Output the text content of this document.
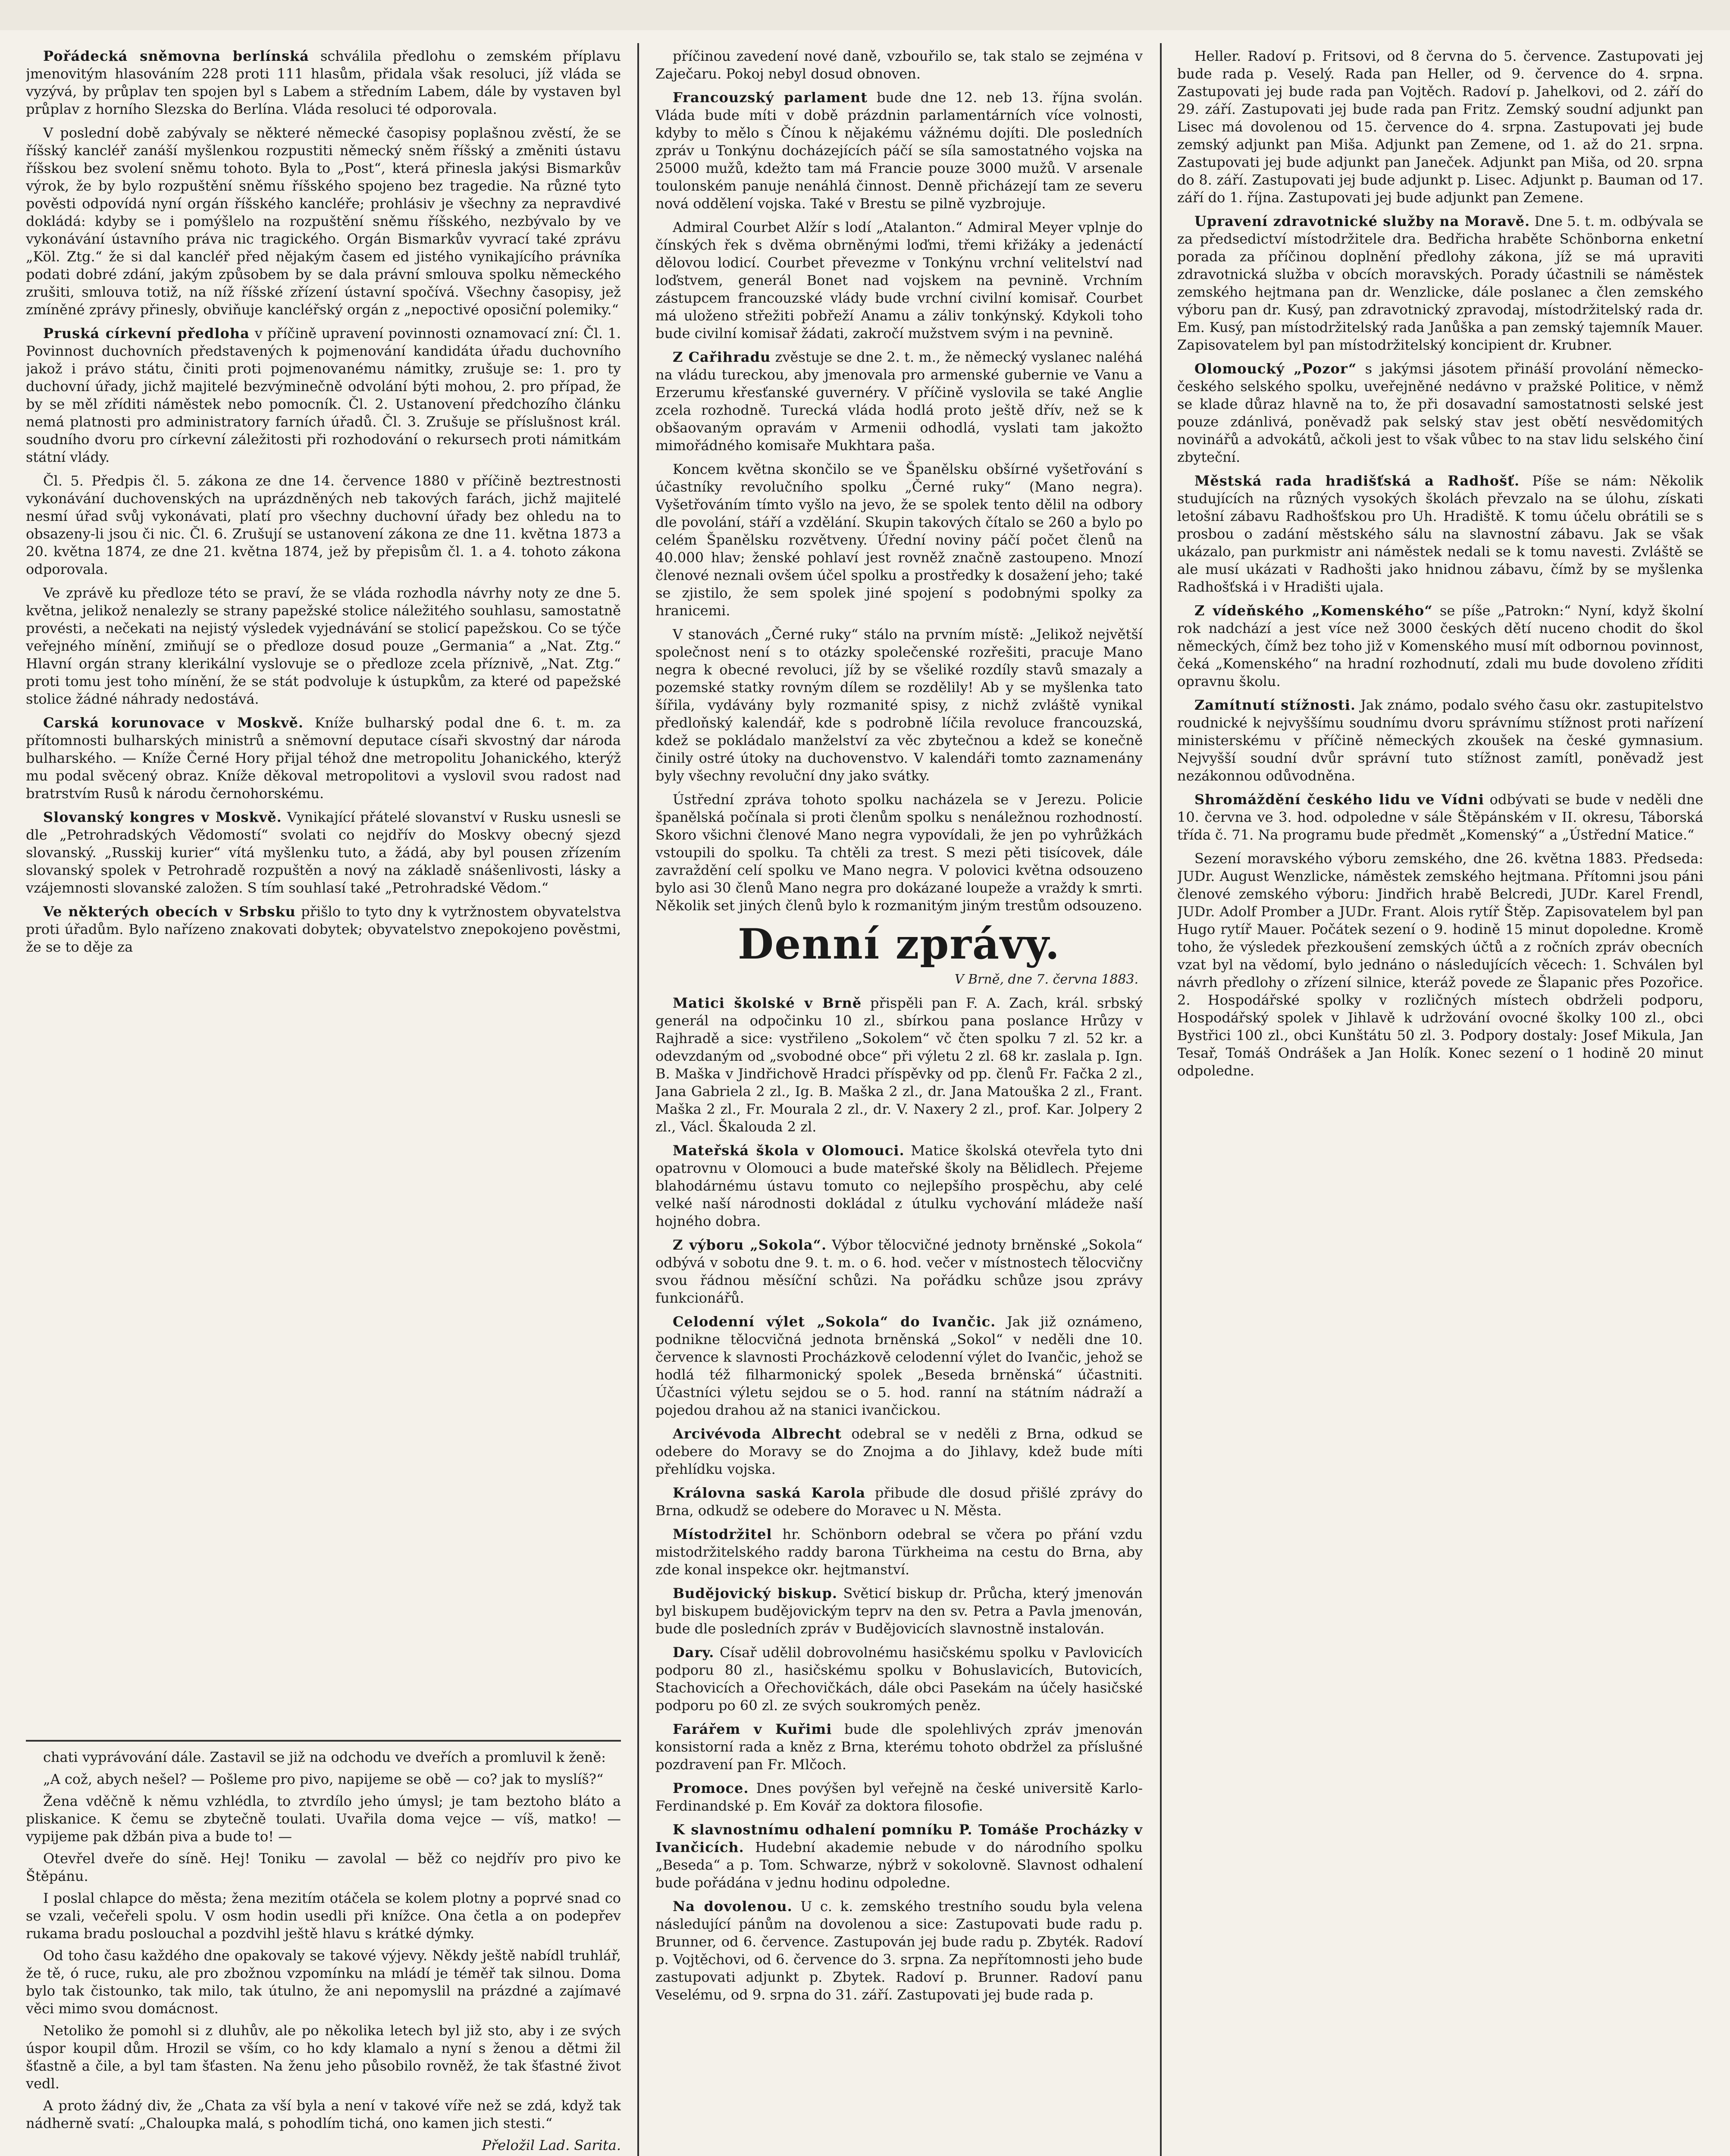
Pořádecká sněmovna berlínská schválila předlohu o zemském příplavu jmenovitým hlasováním 228 proti 111 hlasům, přidala však resoluci, jíž vláda se vyzývá, by průplav ten spojen byl s Labem a středním Labem, dále by vystaven byl průplav z horního Slezska do Berlína. Vláda resoluci té odporovala.

V poslední době zabývaly se některé německé časopisy poplašnou zvěstí, že se říšský kancléř zanáší myšlenkou rozpustiti německý sněm říšský a změniti ústavu říšskou bez svolení sněmu tohoto. Byla to „Post“, která přinesla jakýsi Bismarkův výrok, že by bylo rozpuštění sněmu říšského spojeno bez tragedie. Na různé tyto pověsti odpovídá nyní orgán říšského kancléře; prohlásiv je všechny za nepravdivé dokládá: kdyby se i pomýšlelo na rozpuštění sněmu říšského, nezbývalo by ve vykonávání ústavního práva nic tragického. Orgán Bismarkův vyvrací také zprávu „Köl. Ztg.“ že si dal kancléř před nějakým časem ed jistého vynikajícího právníka podati dobré zdání, jakým způsobem by se dala právní smlouva spolku německého zrušiti, smlouva totiž, na níž říšské zřízení ústavní spočívá. Všechny časopisy, jež zmíněné zprávy přinesly, obviňuje kancléřský orgán z „nepoctivé oposiční polemiky.“

Pruská církevní předloha v příčině upravení povinnosti oznamovací zní: Čl. 1. Povinnost duchovních představených k pojmenování kandidáta úřadu duchovního jakož i právo státu, činiti proti pojmenovanému námitky, zrušuje se: 1. pro ty duchovní úřady, jichž majitelé bezvýminečně odvolání býti mohou, 2. pro případ, že by se měl zříditi náměstek nebo pomocník. Čl. 2. Ustanovení předchozího článku nemá platnosti pro administratory farních úřadů. Čl. 3. Zrušuje se příslušnost král. soudního dvoru pro církevní záležitosti při rozhodování o rekursech proti námitkám státní vlády.

Čl. 5. Předpis čl. 5. zákona ze dne 14. července 1880 v příčině beztrestnosti vykonávání duchovenských na uprázdněných neb takových farách, jichž majitelé nesmí úřad svůj vykonávati, platí pro všechny duchovní úřady bez ohledu na to obsazeny-li jsou či nic. Čl. 6. Zrušují se ustanovení zákona ze dne 11. května 1873 a 20. května 1874, ze dne 21. května 1874, jež by přepisům čl. 1. a 4. tohoto zákona odporovala.

Ve zprávě ku předloze této se praví, že se vláda rozhodla návrhy noty ze dne 5. května, jelikož nenalezly se strany papežské stolice náležitého souhlasu, samostatně provésti, a nečekati na nejistý výsledek vyjednávání se stolicí papežskou. Co se týče veřejného mínění, zmiňují se o předloze dosud pouze „Germania“ a „Nat. Ztg.“ Hlavní orgán strany klerikální vyslovuje se o předloze zcela příznivě, „Nat. Ztg.“ proti tomu jest toho mínění, že se stát podvoluje k ústupkům, za které od papežské stolice žádné náhrady nedostává.

Carská korunovace v Moskvě. Kníže bulharský podal dne 6. t. m. za přítomnosti bulharských ministrů a sněmovní deputace císaři skvostný dar národa bulharského. — Kníže Černé Hory přijal téhož dne metropolitu Johanického, kterýž mu podal svěcený obraz. Kníže děkoval metropolitovi a vyslovil svou radost nad bratrstvím Rusů k národu černohorskému.

Slovanský kongres v Moskvě. Vynikající přátelé slovanství v Rusku usnesli se dle „Petrohradských Vědomostí“ svolati co nejdřív do Moskvy obecný sjezd slovanský. „Russkij kurier“ vítá myšlenku tuto, a žádá, aby byl pousen zřízením slovanský spolek v Petrohradě rozpuštěn a nový na základě snášenlivosti, lásky a vzájemnosti slovanské založen. S tím souhlasí také „Petrohradské Vědom.“

Ve některých obecích v Srbsku přišlo to tyto dny k vytržnostem obyvatelstva proti úřadům. Bylo nařízeno znakovati dobytek; obyvatelstvo znepokojeno pověstmi, že se to děje za

chati vyprávování dále. Zastavil se již na odchodu ve dveřích a promluvil k ženě:

„A což, abych nešel? — Pošleme pro pivo, napijeme se obě — co? jak to myslíš?“

Žena vděčně k němu vzhlédla, to ztvrdílo jeho úmysl; je tam beztoho bláto a pliskanice. K čemu se zbytečně toulati. Uvařila doma vejce — víš, matko! — vypijeme pak džbán piva a bude to! —

Otevřel dveře do síně. Hej! Toniku — zavolal — běž co nejdřív pro pivo ke Štěpánu.

I poslal chlapce do města; žena mezitím otáčela se kolem plotny a poprvé snad co se vzali, večeřeli spolu. V osm hodin usedli při knížce. Ona četla a on podepřev rukama bradu poslouchal a pozdvihl ještě hlavu s krátké dýmky.

Od toho času každého dne opakovaly se takové výjevy. Někdy ještě nabídl truhlář, že tě, ó ruce, ruku, ale pro zbožnou vzpomínku na mládí je téměř tak silnou. Doma bylo tak čistounko, tak milo, tak útulno, že ani nepomyslil na prázdné a zajímavé věci mimo svou domácnost.

Netoliko že pomohl si z dluhův, ale po několika letech byl již sto, aby i ze svých úspor koupil dům. Hrozil se vším, co ho kdy klamalo a nyní s ženou a dětmi žil šťastně a čile, a byl tam šťasten. Na ženu jeho působilo rovněž, že tak šťastné život vedl.

A proto žádný div, že „Chata za vší byla a není v takové víře než se zdá, když tak nádherně svatí: „Chaloupka malá, s pohodlím tichá, ono kamen jich stesti.“

Přeložil Lad. Sarita.

příčinou zavedení nové daně, vzbouřilo se, tak stalo se zejména v Zaječaru. Pokoj nebyl dosud obnoven.

Francouzský parlament bude dne 12. neb 13. října svolán. Vláda bude míti v době prázdnin parlamentárních více volnosti, kdyby to mělo s Čínou k nějakému vážnému dojíti. Dle posledních zpráv u Tonkýnu docházejících páčí se síla samostatného vojska na 25000 mužů, kdežto tam má Francie pouze 3000 mužů. V arsenale toulonském panuje nenáhlá činnost. Denně přicházejí tam ze severu nová oddělení vojska. Také v Brestu se pilně vyzbrojuje.

Admiral Courbet Alžír s lodí „Atalanton.“ Admiral Meyer vplnje do čínských řek s dvěma obrněnými loďmi, třemi křižáky a jedenáctí dělovou lodicí. Courbet převezme v Tonkýnu vrchní velitelství nad loďstvem, generál Bonet nad vojskem na pevnině. Vrchním zástupcem francouzské vlády bude vrchní civilní komisař. Courbet má uloženo střežiti pobřeží Anamu a záliv tonkýnský. Kdykoli toho bude civilní komisař žádati, zakročí mužstvem svým i na pevnině.

Z Cařihradu zvěstuje se dne 2. t. m., že německý vyslanec naléhá na vládu tureckou, aby jmenovala pro armenské gubernie ve Vanu a Erzerumu křesťanské guvernéry. V příčině vyslovila se také Anglie zcela rozhodně. Turecká vláda hodlá proto ještě dřív, než se k obšaovaným opravám v Armenii odhodlá, vyslati tam jakožto mimořádného komisaře Mukhtara paša.

Koncem května skončilo se ve Španělsku obšírné vyšetřování s účastníky revolučního spolku „Černé ruky“ (Mano negra). Vyšetřováním tímto vyšlo na jevo, že se spolek tento dělil na odbory dle povolání, stáří a vzdělání. Skupin takových čítalo se 260 a bylo po celém Španělsku rozvětveny. Úřední noviny páčí počet členů na 40.000 hlav; ženské pohlaví jest rovněž značně zastoupeno. Mnozí členové neznali ovšem účel spolku a prostředky k dosažení jeho; také se zjistilo, že sem spolek jiné spojení s podobnými spolky za hranicemi.

V stanovách „Černé ruky“ stálo na prvním místě: „Jelikož největší společnost není s to otázky společenské rozřešiti, pracuje Mano negra k obecné revoluci, jíž by se všeliké rozdíly stavů smazaly a pozemské statky rovným dílem se rozdělily! Ab y se myšlenka tato šířila, vydávány byly rozmanité spisy, z nichž zvláště vynikal předloňský kalendář, kde s podrobně líčila revoluce francouzská, kdež se pokládalo manželství za věc zbytečnou a kdež se konečně činily ostré útoky na duchovenstvo. V kalendáři tomto zaznamenány byly všechny revoluční dny jako svátky.

Ústřední zpráva tohoto spolku nacházela se v Jerezu. Policie španělská počínala si proti členům spolku s nenáležnou rozhodností. Skoro všichni členové Mano negra vypovídali, že jen po vyhrůžkách vstoupili do spolku. Ta chtěli za trest. S mezi pěti tisícovek, dále zavraždění celí spolku ve Mano negra. V polovici května odsouzeno bylo asi 30 členů Mano negra pro dokázané loupeže a vraždy k smrti. Několik set jiných členů bylo k rozmanitým jiným trestům odsouzeno.

Denní zprávy.
V Brně, dne 7. června 1883.

Matici školské v Brně přispěli pan F. A. Zach, král. srbský generál na odpočinku 10 zl., sbírkou pana poslance Hrůzy v Rajhradě a sice: vystřileno „Sokolem“ vč čten spolku 7 zl. 52 kr. a odevzdaným od „svobodné obce“ při výletu 2 zl. 68 kr. zaslala p. Ign. B. Maška v Jindřichově Hradci příspěvky od pp. členů Fr. Fačka 2 zl., Jana Gabriela 2 zl., Ig. B. Maška 2 zl., dr. Jana Matouška 2 zl., Frant. Maška 2 zl., Fr. Mourala 2 zl., dr. V. Naxery 2 zl., prof. Kar. Jolpery 2 zl., Václ. Škalouda 2 zl.

Mateřská škola v Olomouci. Matice školská otevřela tyto dni opatrovnu v Olomouci a bude mateřské školy na Bělidlech. Přejeme blahodárnému ústavu tomuto co nejlepšího prospěchu, aby celé velké naší národnosti dokládal z útulku vychování mládeže naší hojného dobra.

Z výboru „Sokola“. Výbor tělocvičné jednoty brněnské „Sokola“ odbývá v sobotu dne 9. t. m. o 6. hod. večer v místnostech tělocvičny svou řádnou měsíční schůzi. Na pořádku schůze jsou zprávy funkcionářů.

Celodenní výlet „Sokola“ do Ivančic. Jak již oznámeno, podnikne tělocvičná jednota brněnská „Sokol“ v neděli dne 10. července k slavnosti Procházkově celodenní výlet do Ivančic, jehož se hodlá též filharmonický spolek „Beseda brněnská“ účastniti. Účastníci výletu sejdou se o 5. hod. ranní na státním nádraží a pojedou drahou až na stanici ivančickou.

Arcivévoda Albrecht odebral se v neděli z Brna, odkud se odebere do Moravy se do Znojma a do Jihlavy, kdež bude míti přehlídku vojska.

Královna saská Karola přibude dle dosud přišlé zprávy do Brna, odkudž se odebere do Moravec u N. Města.

Místodržitel hr. Schönborn odebral se včera po přání vzdu mistodržitelského raddy barona Türkheima na cestu do Brna, aby zde konal inspekce okr. hejtmanství.

Budějovický biskup. Světicí biskup dr. Průcha, který jmenován byl biskupem budějovickým teprv na den sv. Petra a Pavla jmenován, bude dle posledních zpráv v Budějovicích slavnostně instalován.

Dary. Císař udělil dobrovolnému hasičskému spolku v Pavlovicích podporu 80 zl., hasičskému spolku v Bohuslavicích, Butovicích, Stachovicích a Ořechovičkách, dále obci Pasekám na účely hasičské podporu po 60 zl. ze svých soukromých peněz.

Farářem v Kuřimi bude dle spolehlivých zpráv jmenován konsistorní rada a kněz z Brna, kterému tohoto obdržel za příslušné pozdravení pan Fr. Mlčoch.

Promoce. Dnes povýšen byl veřejně na české universitě Karlo-Ferdinandské p. Em Kovář za doktora filosofie.

K slavnostnímu odhalení pomníku P. Tomáše Procházky v Ivančicích. Hudební akademie nebude v do národního spolku „Beseda“ a p. Tom. Schwarze, nýbrž v sokolovně. Slavnost odhalení bude pořádána v jednu hodinu odpoledne.

Na dovolenou. U c. k. zemského trestního soudu byla velena následující pánům na dovolenou a sice: Zastupovati bude radu p. Brunner, od 6. července. Zastupován jej bude radu p. Zbyték. Radoví p. Vojtěchovi, od 6. července do 3. srpna. Za nepřítomnosti jeho bude zastupovati adjunkt p. Zbytek. Radoví p. Brunner. Radoví panu Veselému, od 9. srpna do 31. září. Zastupovati jej bude rada p.

Heller. Radoví p. Fritsovi, od 8 června do 5. července. Zastupovati jej bude rada p. Veselý. Rada pan Heller, od 9. července do 4. srpna. Zastupovati jej bude rada pan Vojtěch. Radoví p. Jahelkovi, od 2. září do 29. září. Zastupovati jej bude rada pan Fritz. Zemský soudní adjunkt pan Lisec má dovolenou od 15. července do 4. srpna. Zastupovati jej bude zemský adjunkt pan Miša. Adjunkt pan Zemene, od 1. až do 21. srpna. Zastupovati jej bude adjunkt pan Janeček. Adjunkt pan Miša, od 20. srpna do 8. září. Zastupovati jej bude adjunkt p. Lisec. Adjunkt p. Bauman od 17. září do 1. října. Zastupovati jej bude adjunkt pan Zemene.

Upravení zdravotnické služby na Moravě. Dne 5. t. m. odbývala se za předsedictví místodržitele dra. Bedřicha hraběte Schönborna enketní porada za příčinou doplnění předlohy zákona, jíž se má upraviti zdravotnická služba v obcích moravských. Porady účastnili se náměstek zemského hejtmana pan dr. Wenzlicke, dále poslanec a člen zemského výboru pan dr. Kusý, pan zdravotnický zpravodaj, místodržitelský rada dr. Em. Kusý, pan místodržitelský rada Janůška a pan zemský tajemník Mauer. Zapisovatelem byl pan místodržitelský koncipient dr. Krubner.

Olomoucký „Pozor“ s jakýmsi jásotem přináší provolání německo-českého selského spolku, uveřejněné nedávno v pražské Politice, v němž se klade důraz hlavně na to, že při dosavadní samostatnosti selské jest pouze zdánlivá, poněvadž pak selský stav jest obětí nesvědomitých novinářů a advokátů, ačkoli jest to však vůbec to na stav lidu selského činí zbyteční.

Městská rada hradišťská a Radhošť. Píše se nám: Několik studujících na různých vysokých školách převzalo na se úlohu, získati letošní zábavu Radhošťskou pro Uh. Hradiště. K tomu účelu obrátili se s prosbou o zadání městského sálu na slavnostní zábavu. Jak se však ukázalo, pan purkmistr ani náměstek nedali se k tomu navesti. Zvláště se ale musí ukázati v Radhošti jako hnidnou zábavu, čímž by se myšlenka Radhošťská i v Hradišti ujala.

Z vídeňského „Komenského“ se píše „Patrokn:“ Nyní, když školní rok nadchází a jest více než 3000 českých dětí nuceno chodit do škol německých, čímž bez toho již v Komenského musí mít odbornou povinnost, čeká „Komenského“ na hradní rozhodnutí, zdali mu bude dovoleno zříditi opravnu školu.

Zamítnutí stížnosti. Jak známo, podalo svého času okr. zastupitelstvo roudnické k nejvyššímu soudnímu dvoru správnímu stížnost proti nařízení ministerskému v příčině německých zkoušek na české gymnasium. Nejvyšší soudní dvůr správní tuto stížnost zamítl, poněvadž jest nezákonnou odůvodněna.

Shromáždění českého lidu ve Vídni odbývati se bude v neděli dne 10. června ve 3. hod. odpoledne v sále Štěpánském v II. okresu, Táborská třída č. 71. Na programu bude předmět „Komenský“ a „Ústřední Matice.“

Sezení moravského výboru zemského, dne 26. května 1883. Předseda: JUDr. August Wenzlicke, náměstek zemského hejtmana. Přítomni jsou páni členové zemského výboru: Jindřich hrabě Belcredi, JUDr. Karel Frendl, JUDr. Adolf Promber a JUDr. Frant. Alois rytíř Štěp. Zapisovatelem byl pan Hugo rytíř Mauer. Počátek sezení o 9. hodině 15 minut dopoledne. Kromě toho, že výsledek přezkoušení zemských účtů a z ročních zpráv obecních vzat byl na vědomí, bylo jednáno o následujících věcech: 1. Schválen byl návrh předlohy o zřízení silnice, kteráž povede ze Šlapanic přes Pozořice. 2. Hospodářské spolky v rozličných místech obdrželi podporu, Hospodářský spolek v Jihlavě k udržování ovocné školky 100 zl., obci Bystřici 100 zl., obci Kunštátu 50 zl. 3. Podpory dostaly: Josef Mikula, Jan Tesař, Tomáš Ondrášek a Jan Holík. Konec sezení o 1 hodině 20 minut odpoledne.
